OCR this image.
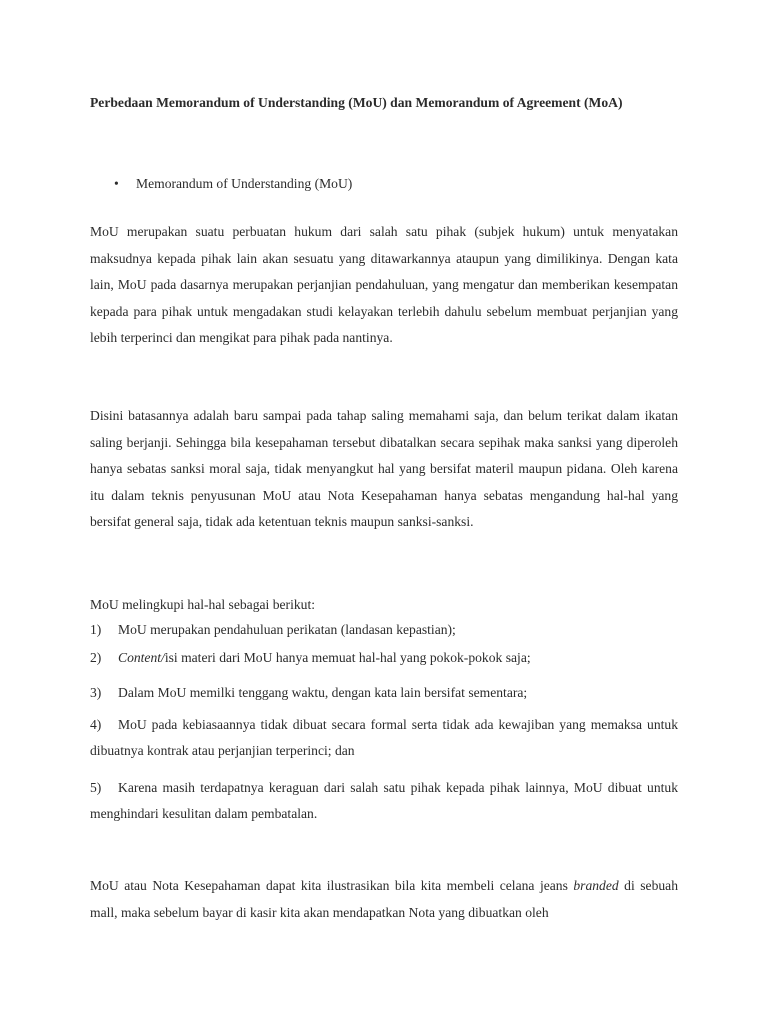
Perbedaan Memorandum of Understanding (MoU) dan Memorandum of Agreement (MoA)

• Memorandum of Understanding (MoU)

MoU merupakan suatu perbuatan hukum dari salah satu pihak (subjek hukum) untuk menyatakan maksudnya kepada pihak lain akan sesuatu yang ditawarkannya ataupun yang dimilikinya. Dengan kata lain, MoU pada dasarnya merupakan perjanjian pendahuluan, yang mengatur dan memberikan kesempatan kepada para pihak untuk mengadakan studi kelayakan terlebih dahulu sebelum membuat perjanjian yang lebih terperinci dan mengikat para pihak pada nantinya.

Disini batasannya adalah baru sampai pada tahap saling memahami saja, dan belum terikat dalam ikatan saling berjanji. Sehingga bila kesepahaman tersebut dibatalkan secara sepihak maka sanksi yang diperoleh hanya sebatas sanksi moral saja, tidak menyangkut hal yang bersifat materil maupun pidana. Oleh karena itu dalam teknis penyusunan MoU atau Nota Kesepahaman hanya sebatas mengandung hal-hal yang bersifat general saja, tidak ada ketentuan teknis maupun sanksi-sanksi.

MoU melingkupi hal-hal sebagai berikut:

1) MoU merupakan pendahuluan perikatan (landasan kepastian);
2) Content/isi materi dari MoU hanya memuat hal-hal yang pokok-pokok saja;
3) Dalam MoU memilki tenggang waktu, dengan kata lain bersifat sementara;
4) MoU pada kebiasaannya tidak dibuat secara formal serta tidak ada kewajiban yang memaksa untuk dibuatnya kontrak atau perjanjian terperinci; dan
5) Karena masih terdapatnya keraguan dari salah satu pihak kepada pihak lainnya, MoU dibuat untuk menghindari kesulitan dalam pembatalan.

MoU atau Nota Kesepahaman dapat kita ilustrasikan bila kita membeli celana jeans branded di sebuah mall, maka sebelum bayar di kasir kita akan mendapatkan Nota yang dibuatkan oleh
